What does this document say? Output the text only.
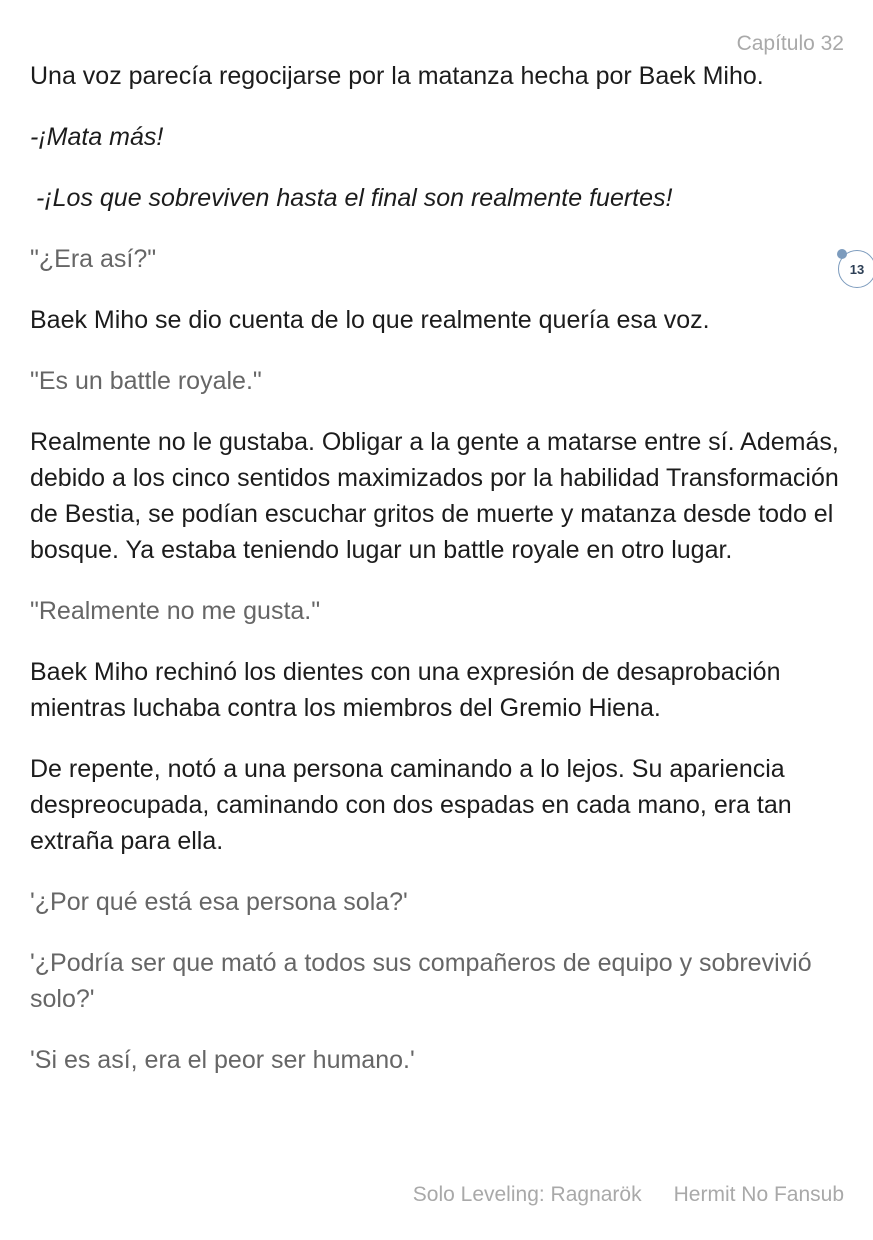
Capítulo 32

Una voz parecía regocijarse por la matanza hecha por Baek Miho.

-¡Mata más!

-¡Los que sobreviven hasta el final son realmente fuertes!

"¿Era así?"

Baek Miho se dio cuenta de lo que realmente quería esa voz.

"Es un battle royale."

Realmente no le gustaba. Obligar a la gente a matarse entre sí. Además, debido a los cinco sentidos maximizados por la habilidad Transformación de Bestia, se podían escuchar gritos de muerte y matanza desde todo el bosque. Ya estaba teniendo lugar un battle royale en otro lugar.

"Realmente no me gusta."

Baek Miho rechinó los dientes con una expresión de desaprobación mientras luchaba contra los miembros del Gremio Hiena.

De repente, notó a una persona caminando a lo lejos. Su apariencia despreocupada, caminando con dos espadas en cada mano, era tan extraña para ella.

'¿Por qué está esa persona sola?'

'¿Podría ser que mató a todos sus compañeros de equipo y sobrevivió solo?'

'Si es así, era el peor ser humano.'

13
Solo Leveling: Ragnarök Hermit No Fansub
